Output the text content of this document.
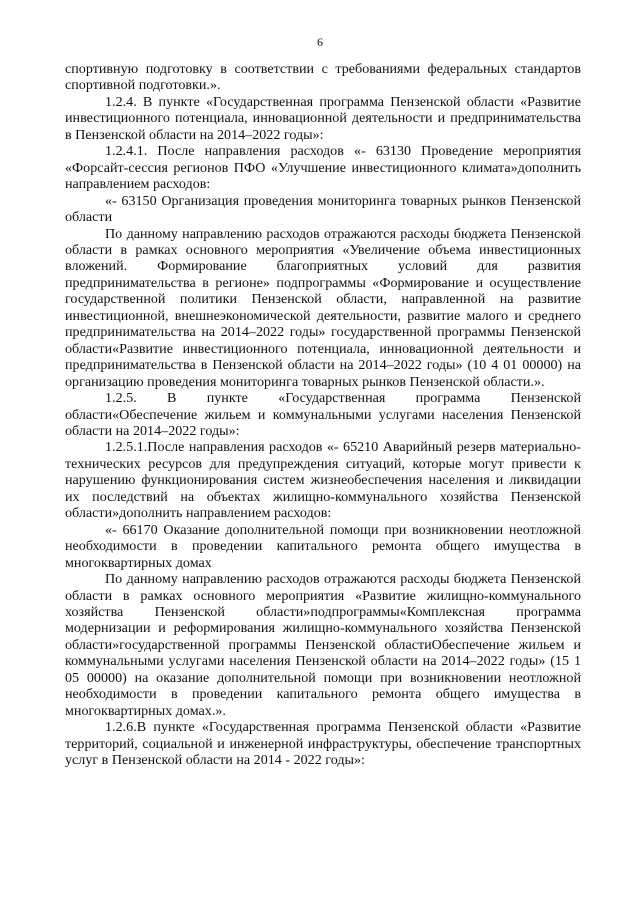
6

спортивную подготовку в соответствии с требованиями федеральных стандартов спортивной подготовки.».

1.2.4. В пункте «Государственная программа Пензенской области «Развитие инвестиционного потенциала, инновационной деятельности и предпринимательства в Пензенской области на 2014–2022 годы»:

1.2.4.1. После направления расходов «- 63130 Проведение мероприятия «Форсайт-сессия регионов ПФО «Улучшение инвестиционного климата»дополнить направлением расходов:

«- 63150 Организация проведения мониторинга товарных рынков Пензенской области

По данному направлению расходов отражаются расходы бюджета Пензенской области в рамках основного мероприятия «Увеличение объема инвестиционных вложений. Формирование благоприятных условий для развития предпринимательства в регионе» подпрограммы «Формирование и осуществление государственной политики Пензенской области, направленной на развитие инвестиционной, внешнеэкономической деятельности, развитие малого и среднего предпринимательства на 2014–2022 годы» государственной программы Пензенской области«Развитие инвестиционного потенциала, инновационной деятельности и предпринимательства в Пензенской области на 2014–2022 годы» (10 4 01 00000) на организацию проведения мониторинга товарных рынков Пензенской области.».

1.2.5. В пункте «Государственная программа Пензенской области«Обеспечение жильем и коммунальными услугами населения Пензенской области на 2014–2022 годы»:

1.2.5.1.После направления расходов «- 65210 Аварийный резерв материально-технических ресурсов для предупреждения ситуаций, которые могут привести к нарушению функционирования систем жизнеобеспечения населения и ликвидации их последствий на объектах жилищно-коммунального хозяйства Пензенской области»дополнить направлением расходов:

«- 66170 Оказание дополнительной помощи при возникновении неотложной необходимости в проведении капитального ремонта общего имущества в многоквартирных домах

По данному направлению расходов отражаются расходы бюджета Пензенской области в рамках основного мероприятия «Развитие жилищно-коммунального хозяйства Пензенской области»подпрограммы«Комплексная программа модернизации и реформирования жилищно-коммунального хозяйства Пензенской области»государственной программы Пензенской областиОбеспечение жильем и коммунальными услугами населения Пензенской области на 2014–2022 годы» (15 1 05 00000) на оказание дополнительной помощи при возникновении неотложной необходимости в проведении капитального ремонта общего имущества в многоквартирных домах.».

1.2.6.В пункте «Государственная программа Пензенской области «Развитие территорий, социальной и инженерной инфраструктуры, обеспечение транспортных услуг в Пензенской области на 2014 - 2022 годы»:
